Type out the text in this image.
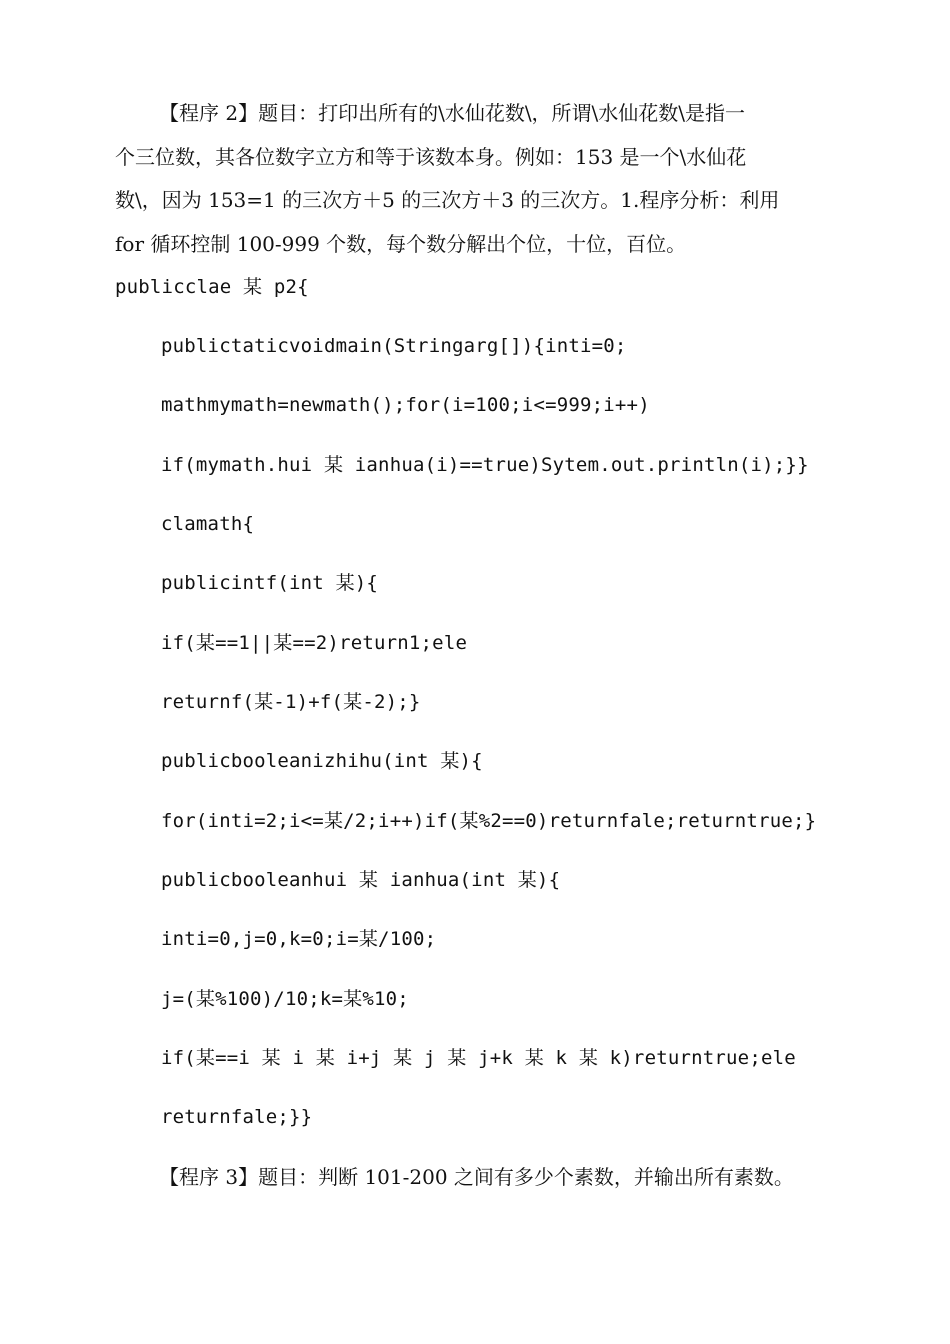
【程序 2】题目：打印出所有的\水仙花数\，所谓\水仙花数\是指一
个三位数，其各位数字立方和等于该数本身。例如：153 是一个\水仙花
数\，因为 153=1 的三次方＋5 的三次方＋3 的三次方。1.程序分析：利用
for 循环控制 100-999 个数，每个数分解出个位，十位，百位。

publicclae 某 p2{
publictaticvoidmain(Stringarg[]){inti=0;
mathmymath=newmath();for(i=100;i<=999;i++)
if(mymath.hui 某 ianhua(i)==true)Sytem.out.println(i);}}
clamath{
publicintf(int 某){
if(某==1||某==2)return1;ele
returnf(某-1)+f(某-2);}
publicbooleanizhihu(int 某){
for(inti=2;i<=某/2;i++)if(某%2==0)returnfale;returntrue;}
publicbooleanhui 某 ianhua(int 某){
inti=0,j=0,k=0;i=某/100;
j=(某%100)/10;k=某%10;
if(某==i 某 i 某 i+j 某 j 某 j+k 某 k 某 k)returntrue;ele
returnfale;}}
【程序 3】题目：判断 101-200 之间有多少个素数，并输出所有素数。
